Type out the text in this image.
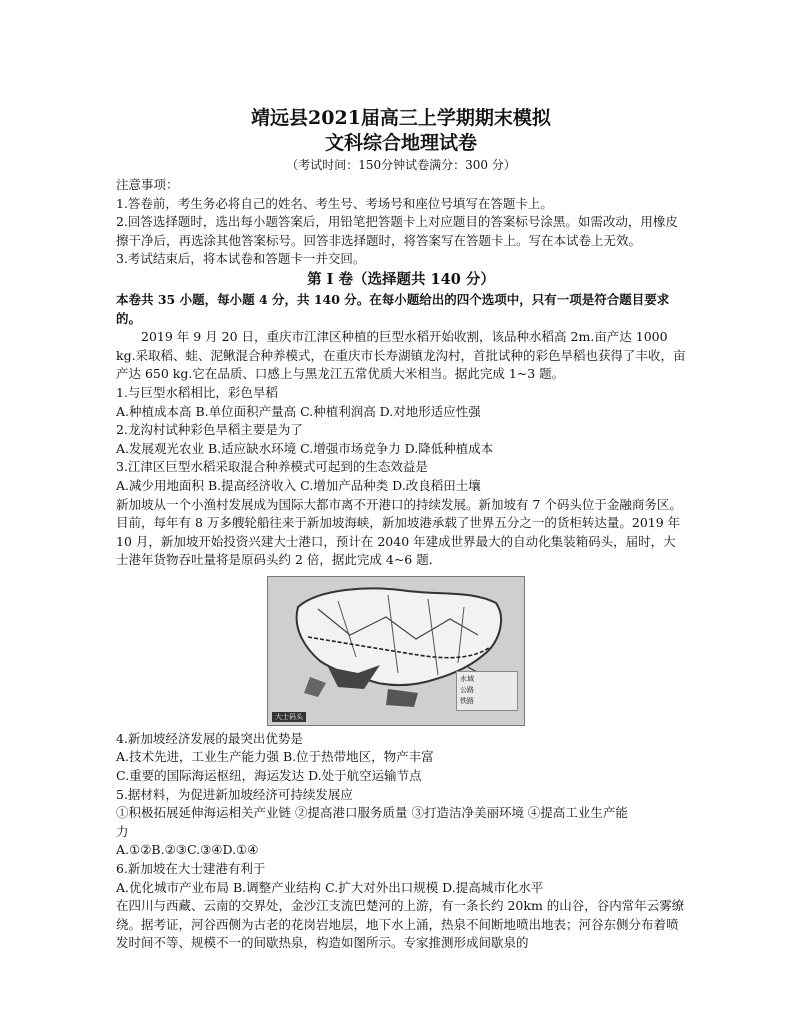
靖远县2021届高三上学期期末模拟
文科综合地理试卷
（考试时间：150分钟试卷满分：300 分）

注意事项：

1.答卷前，考生务必将自己的姓名、考生号、考场号和座位号填写在答题卡上。

2.回答选择题时，选出每小题答案后，用铅笔把答题卡上对应题目的答案标号涂黑。如需改动，用橡皮擦干净后，再选涂其他答案标号。回答非选择题时，将答案写在答题卡上。写在本试卷上无效。

3.考试结束后，将本试卷和答题卡一并交回。

第 I 卷（选择题共 140 分）

本卷共 35 小题，每小题 4 分，共 140 分。在每小题给出的四个选项中，只有一项是符合题目要求的。

2019 年 9 月 20 日，重庆市江津区种植的巨型水稻开始收割，该品种水稻高 2m.亩产达 1000 kg.采取稻、蛙、泥鳅混合种养模式，在重庆市长寿湖镇龙沟村，首批试种的彩色旱稻也获得了丰收，亩产达 650 kg.它在品质、口感上与黑龙江五常优质大米相当。据此完成 1~3 题。

1.与巨型水稻相比，彩色旱稻

A.种植成本高 B.单位面积产量高 C.种植利润高 D.对地形适应性强

2.龙沟村试种彩色旱稻主要是为了

A.发展观光农业 B.适应缺水环境 C.增强市场竞争力 D.降低种植成本

3.江津区巨型水稻采取混合种养模式可起到的生态效益是

A.减少用地面积 B.提高经济收入 C.增加产品种类 D.改良稻田土壤

新加坡从一个小渔村发展成为国际大都市离不开港口的持续发展。新加坡有 7 个码头位于金融商务区。目前，每年有 8 万多艘轮船往来于新加坡海峡，新加坡港承载了世界五分之一的货柜转达量。2019 年 10 月，新加坡开始投资兴建大士港口，预计在 2040 年建成世界最大的自动化集装箱码头，届时，大士港年货物吞吐量将是原码头约 2 倍，据此完成 4~6 题．

水域
公路
铁路
大士码头

4.新加坡经济发展的最突出优势是

A.技术先进，工业生产能力强 B.位于热带地区，物产丰富

C.重要的国际海运枢纽，海运发达 D.处于航空运输节点

5.据材料，为促进新加坡经济可持续发展应

①积极拓展延伸海运相关产业链 ②提高港口服务质量 ③打造洁净美丽环境 ④提高工业生产能力

A.①②B.②③C.③④D.①④

6.新加坡在大士建港有利于

A.优化城市产业布局 B.调整产业结构 C.扩大对外出口规模 D.提高城市化水平

在四川与西藏、云南的交界处，金沙江支流巴楚河的上游，有一条长约 20km 的山谷，谷内常年云雾缭绕。据考证，河谷西侧为古老的花岗岩地层，地下水上涌，热泉不间断地喷出地表；河谷东侧分布着喷发时间不等、规模不一的间歇热泉，构造如图所示。专家推测形成间歇泉的
